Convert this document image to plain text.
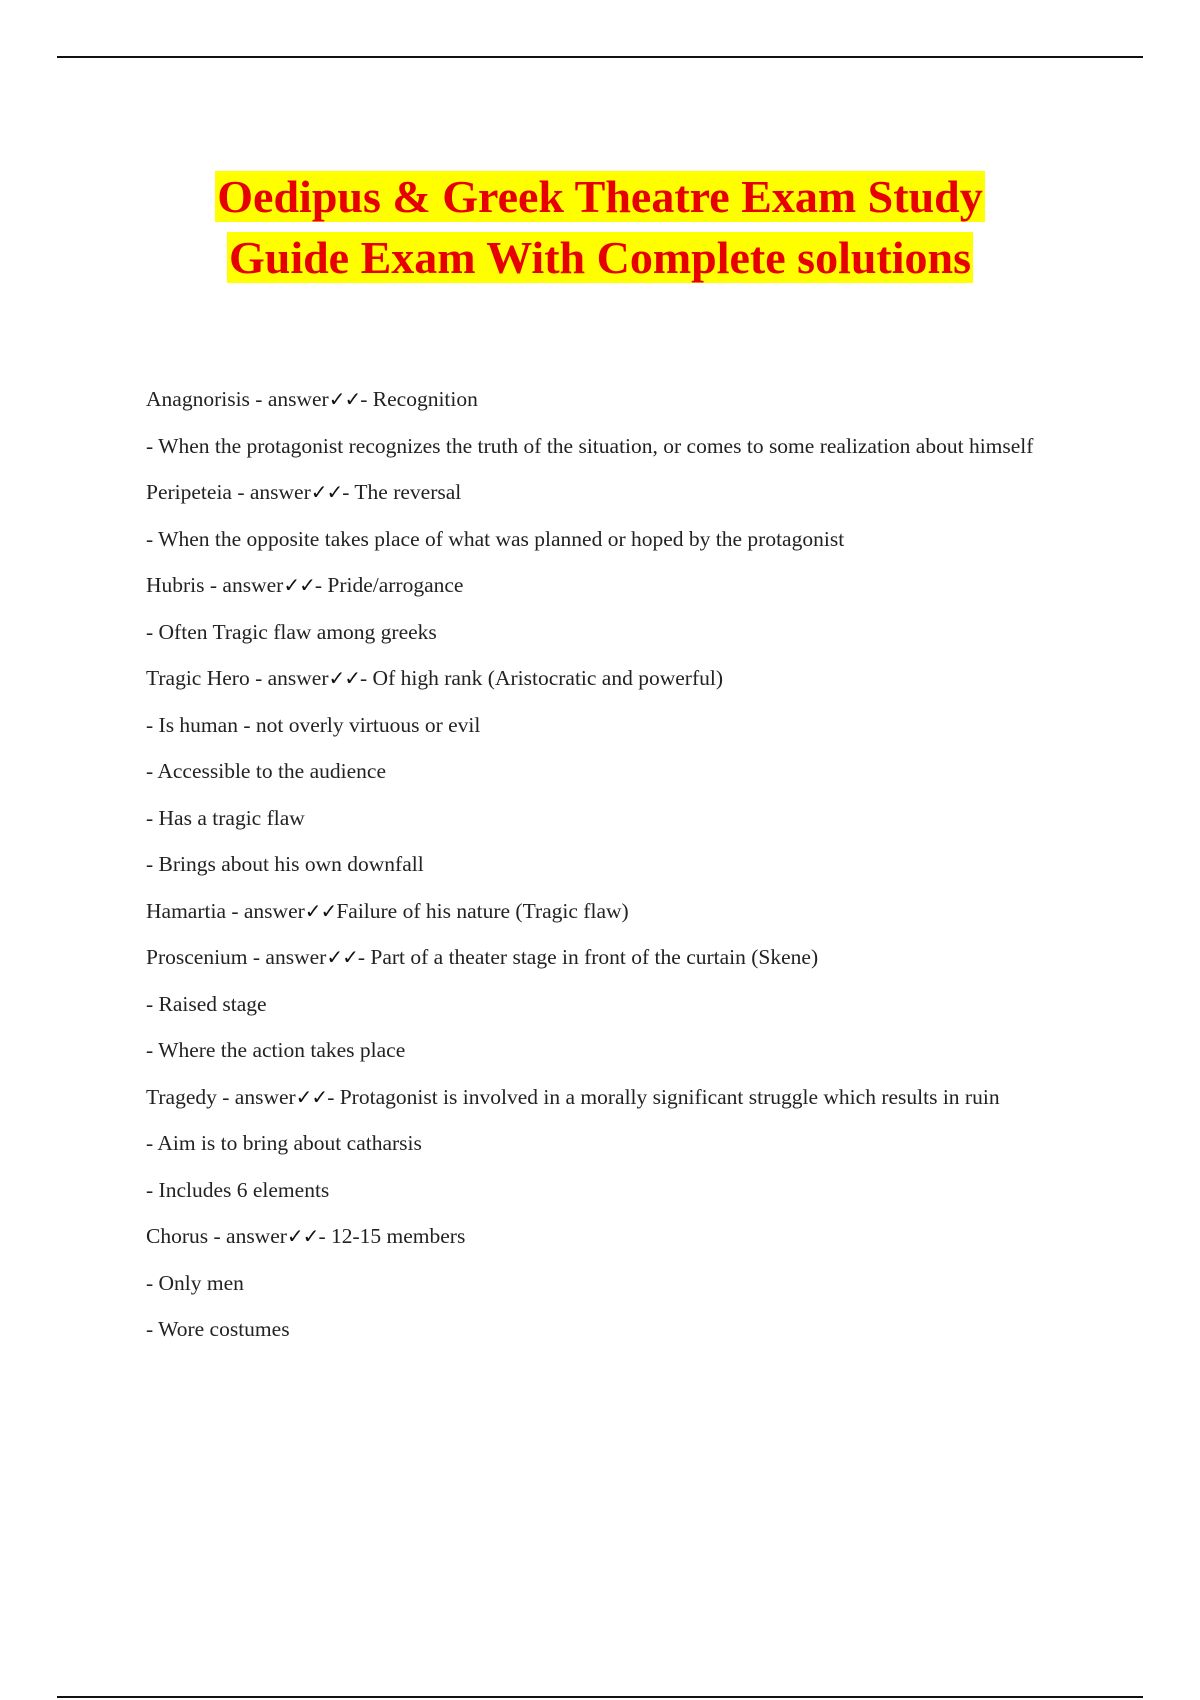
Oedipus & Greek Theatre Exam Study
Guide Exam With Complete solutions

Anagnorisis - answer✓✓- Recognition

- When the protagonist recognizes the truth of the situation, or comes to some realization about himself

Peripeteia - answer✓✓- The reversal

- When the opposite takes place of what was planned or hoped by the protagonist

Hubris - answer✓✓- Pride/arrogance

- Often Tragic flaw among greeks

Tragic Hero - answer✓✓- Of high rank (Aristocratic and powerful)

- Is human - not overly virtuous or evil

- Accessible to the audience

- Has a tragic flaw

- Brings about his own downfall

Hamartia - answer✓✓Failure of his nature (Tragic flaw)

Proscenium - answer✓✓- Part of a theater stage in front of the curtain (Skene)

- Raised stage

- Where the action takes place

Tragedy - answer✓✓- Protagonist is involved in a morally significant struggle which results in ruin

- Aim is to bring about catharsis

- Includes 6 elements

Chorus - answer✓✓- 12-15 members

- Only men

- Wore costumes
